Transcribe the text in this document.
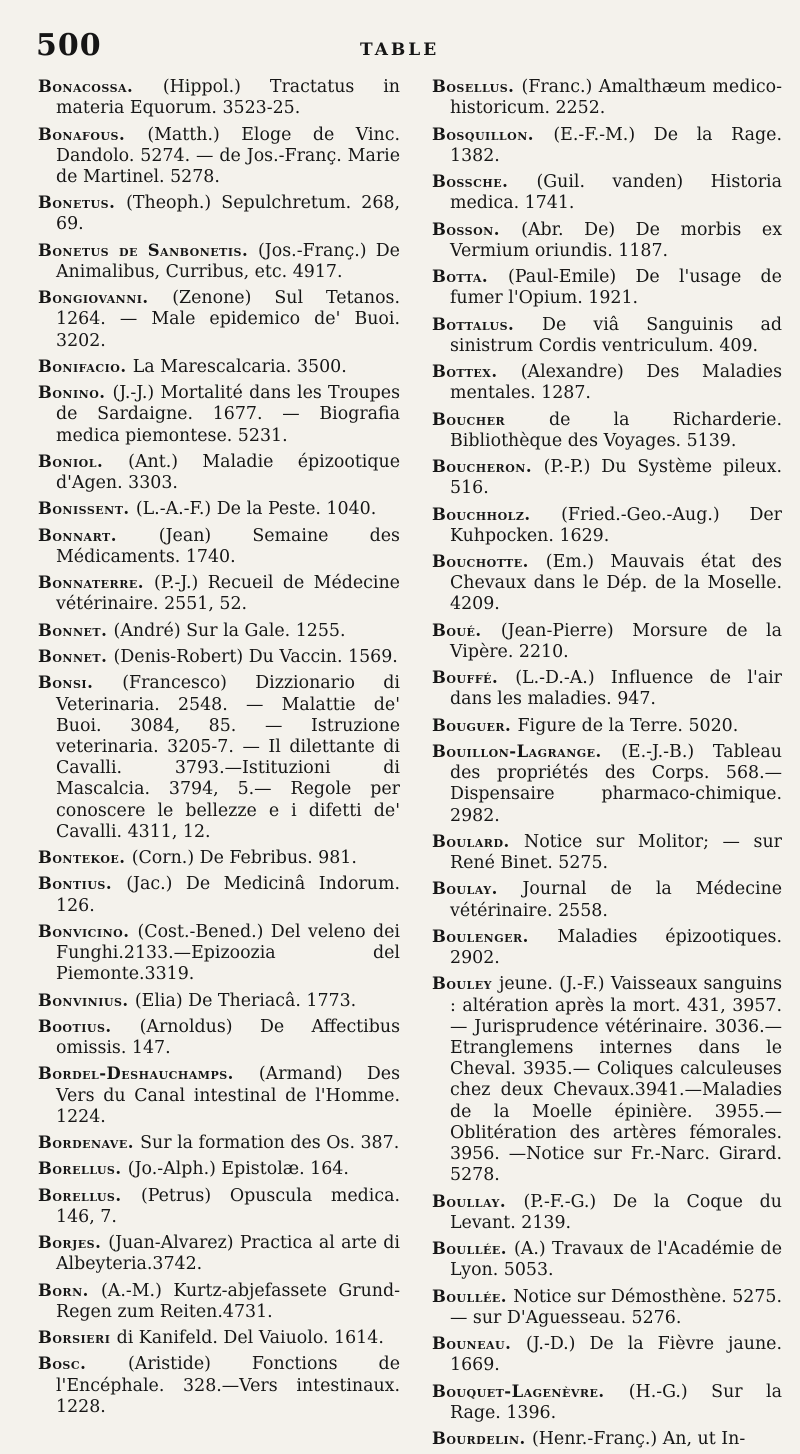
500	TABLE

Bonacossa. (Hippol.) Tractatus in materia Equorum. 3523-25.

Bonafous. (Matth.) Eloge de Vinc. Dandolo. 5274. — de Jos.-Franç. Marie de Martinel. 5278.

Bonetus. (Theoph.) Sepulchretum. 268, 69.

Bonetus de Sanbonetis. (Jos.-Franç.) De Animalibus, Curribus, etc. 4917.

Bongiovanni. (Zenone) Sul Tetanos. 1264. — Male epidemico de' Buoi. 3202.

Bonifacio. La Marescalcaria. 3500.

Bonino. (J.-J.) Mortalité dans les Troupes de Sardaigne. 1677. — Biografia medica piemontese. 5231.

Boniol. (Ant.) Maladie épizootique d'Agen. 3303.

Bonissent. (L.-A.-F.) De la Peste. 1040.

Bonnart. (Jean) Semaine des Médicaments. 1740.

Bonnaterre. (P.-J.) Recueil de Médecine vétérinaire. 2551, 52.

Bonnet. (André) Sur la Gale. 1255.

Bonnet. (Denis-Robert) Du Vaccin. 1569.

Bonsi. (Francesco) Dizzionario di Veterinaria. 2548. — Malattie de' Buoi. 3084, 85. — Istruzione veterinaria. 3205-7. — Il dilettante di Cavalli. 3793.—Istituzioni di Mascalcia. 3794, 5.— Regole per conoscere le bellezze e i difetti de' Cavalli. 4311, 12.

Bontekoe. (Corn.) De Febribus. 981.

Bontius. (Jac.) De Medicinâ Indorum. 126.

Bonvicino. (Cost.-Bened.) Del veleno dei Funghi.2133.—Epizoozia del Piemonte.3319.

Bonvinius. (Elia) De Theriacâ. 1773.

Bootius. (Arnoldus) De Affectibus omissis. 147.

Bordel-Deshauchamps. (Armand) Des Vers du Canal intestinal de l'Homme. 1224.

Bordenave. Sur la formation des Os. 387.

Borellus. (Jo.-Alph.) Epistolæ. 164.

Borellus. (Petrus) Opuscula medica. 146, 7.

Borjes. (Juan-Alvarez) Practica al arte di Albeyteria.3742.

Born. (A.-M.) Kurtz-abjefassete Grund-Regen zum Reiten.4731.

Borsieri di Kanifeld. Del Vaiuolo. 1614.

Bosc. (Aristide) Fonctions de l'Encéphale. 328.—Vers intestinaux. 1228.

Bosellus. (Franc.) Amalthæum medico-historicum. 2252.

Bosquillon. (E.-F.-M.) De la Rage. 1382.

Bossche. (Guil. vanden) Historia medica. 1741.

Bosson. (Abr. De) De morbis ex Vermium oriundis. 1187.

Botta. (Paul-Emile) De l'usage de fumer l'Opium. 1921.

Bottalus. De viâ Sanguinis ad sinistrum Cordis ventriculum. 409.

Bottex. (Alexandre) Des Maladies mentales. 1287.

Boucher	de la Richarderie. Bibliothèque des Voyages. 5139.

Boucheron. (P.-P.) Du Système pileux. 516.

Bouchholz. (Fried.-Geo.-Aug.) Der Kuhpocken. 1629.

Bouchotte. (Em.) Mauvais état des Chevaux dans le Dép. de la Moselle. 4209.

Boué. (Jean-Pierre) Morsure de la Vipère. 2210.

Bouffé. (L.-D.-A.) Influence de l'air dans les maladies. 947.

Bouguer. Figure de la Terre. 5020.

Bouillon-Lagrange. (E.-J.-B.) Tableau des propriétés des Corps. 568.—Dispensaire pharmaco-chimique. 2982.

Boulard. Notice sur Molitor; — sur René Binet. 5275.

Boulay. Journal de la Médecine vétérinaire. 2558.

Boulenger. Maladies épizootiques. 2902.

Bouley jeune. (J.-F.) Vaisseaux sanguins : altération après la mort. 431, 3957. — Jurisprudence vétérinaire. 3036.— Etranglemens internes dans le Cheval. 3935.— Coliques calculeuses chez deux Chevaux.3941.—Maladies de la Moelle épinière. 3955.— Oblitération des artères fémorales. 3956. —Notice sur Fr.-Narc. Girard. 5278.

Boullay. (P.-F.-G.) De la Coque du Levant. 2139.

Boullée. (A.) Travaux de l'Académie de Lyon. 5053.

Boullée. Notice sur Démosthène. 5275. — sur D'Aguesseau. 5276.

Bouneau. (J.-D.) De la Fièvre jaune. 1669.

Bouquet-Lagenèvre. (H.-G.) Sur la Rage. 1396.

Bourdelin. (Henr.-Franç.) An, ut In-
